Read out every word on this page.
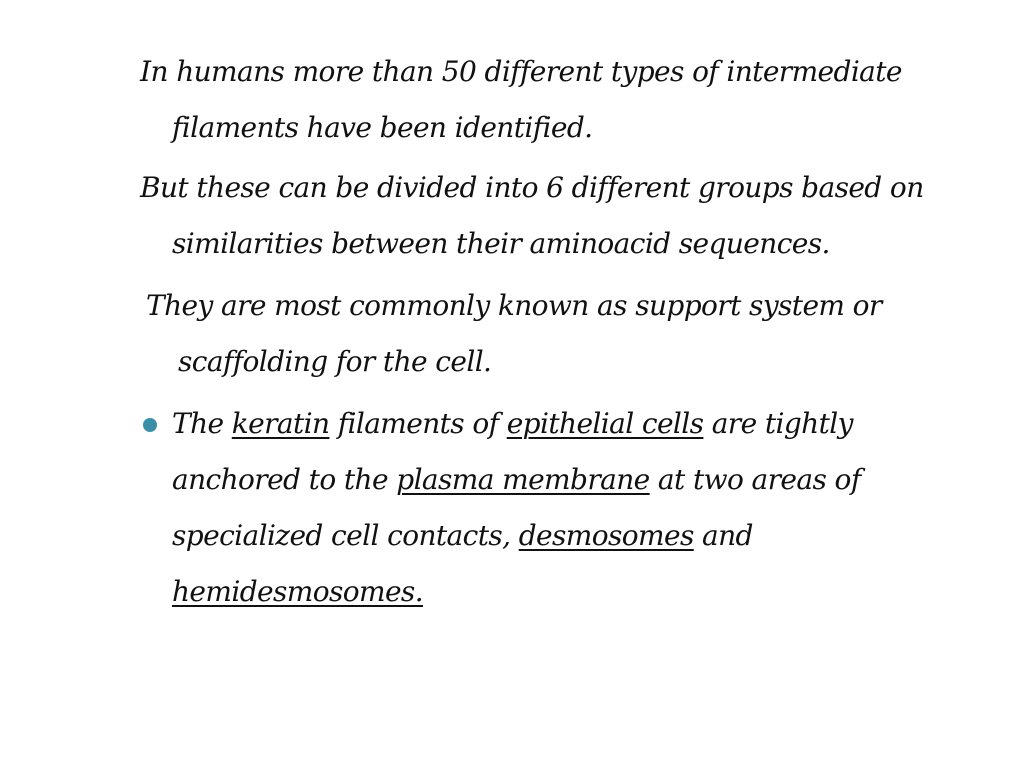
In humans more than 50 different types of intermediate
filaments have been identified.
But these can be divided into 6 different groups based on
similarities between their aminoacid sequences.
They are most commonly known as support system or
scaffolding for the cell.
The keratin filaments of epithelial cells are tightly
anchored to the plasma membrane at two areas of
specialized cell contacts, desmosomes and
hemidesmosomes.
